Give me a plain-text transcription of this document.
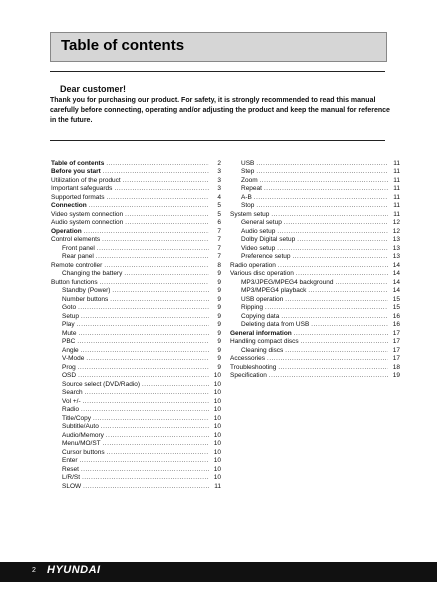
Table of contents
Dear customer!
Thank you for purchasing our product. For safety, it is strongly recommended to read this manual carefully before connecting, operating and/or adjusting the product and keep the manual for reference in the future.
Table of contents .....	2
Before you start .....	3
Utilization of the product .....	3
Important safeguards .....	3
Supported formats .....	4
Connection .....	5
Video system connection .....	5
Audio system connection .....	6
Operation .....	7
Control elements .....	7
Front panel .....	7
Rear panel .....	7
Remote controller .....	8
Changing the battery .....	9
Button functions .....	9
Standby (Power) .....	9
Number buttons .....	9
Goto .....	9
Setup .....	9
Play .....	9
Mute .....	9
PBC .....	9
Angle .....	9
V-Mode .....	9
Prog .....	9
OSD .....	10
Source select (DVD/Radio) .....	10
Search .....	10
Vol +/- .....	10
Radio .....	10
Title/Copy .....	10
Subtitle/Auto .....	10
Audio/Memory .....	10
Menu/MO/ST .....	10
Cursor buttons .....	10
Enter .....	10
Reset .....	10
L/R/St .....	10
SLOW .....	11
USB .....	11
Step .....	11
Zoom .....	11
Repeat .....	11
A-B .....	11
Stop .....	11
System setup .....	11
General setup .....	12
Audio setup .....	12
Dolby Digital setup .....	13
Video setup .....	13
Preference setup .....	13
Radio operation .....	14
Various disc operation .....	14
MP3/JPEG/MPEG4 background .....	14
MP3/MPEG4 playback .....	14
USB operation .....	15
Ripping .....	15
Copying data .....	16
Deleting data from USB .....	16
General information .....	17
Handling compact discs .....	17
Cleaning discs .....	17
Accessories .....	17
Troubleshooting .....	18
Specification .....	19
2 HYUNDAI
